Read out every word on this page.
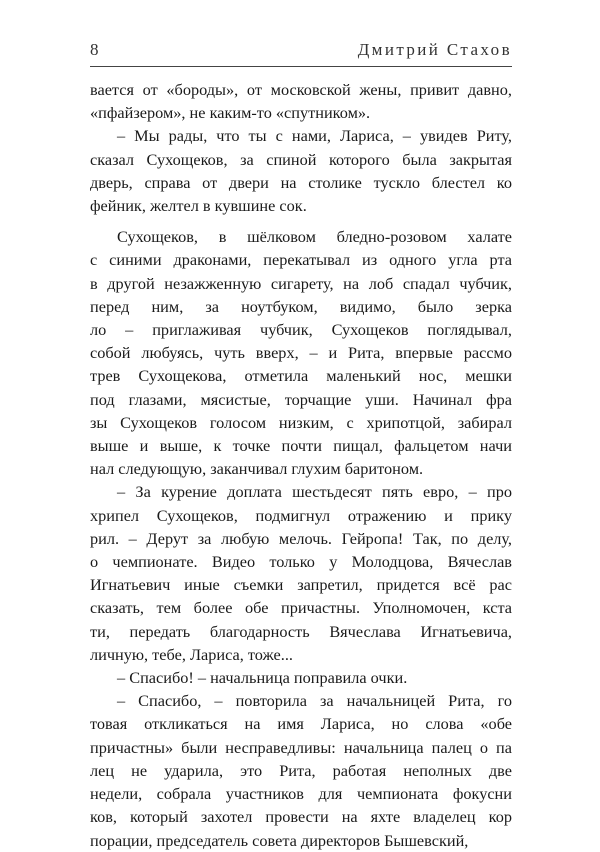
8	Дмитрий Стахов
вается от «бороды», от московской жены, привит давно,
«пфайзером», не каким-то «спутником».
– Мы рады, что ты с нами, Лариса, – увидев Риту,
сказал Сухощеков, за спиной которого была закрытая
дверь, справа от двери на столике тускло блестел ко
фейник, желтел в кувшине сок.
Сухощеков, в шёлковом бледно-розовом халате
с синими драконами, перекатывал из одного угла рта
в другой незажженную сигарету, на лоб спадал чубчик,
перед ним, за ноутбуком, видимо, было зерка
ло – приглаживая чубчик, Сухощеков поглядывал,
собой любуясь, чуть вверх, – и Рита, впервые рассмо
трев Сухощекова, отметила маленький нос, мешки
под глазами, мясистые, торчащие уши. Начинал фра
зы Сухощеков голосом низким, с хрипотцой, забирал
выше и выше, к точке почти пищал, фальцетом начи
нал следующую, заканчивал глухим баритоном.
– За курение доплата шестьдесят пять евро, – про
хрипел Сухощеков, подмигнул отражению и прику
рил. – Дерут за любую мелочь. Гейропа! Так, по делу,
о чемпионате. Видео только у Молодцова, Вячеслав
Игнатьевич иные съемки запретил, придется всё рас
сказать, тем более обе причастны. Уполномочен, кста
ти, передать благодарность Вячеслава Игнатьевича,
личную, тебе, Лариса, тоже...
– Спасибо! – начальница поправила очки.
– Спасибо, – повторила за начальницей Рита, го
товая откликаться на имя Лариса, но слова «обе
причастны» были несправедливы: начальница палец о па
лец не ударила, это Рита, работая неполных две
недели, собрала участников для чемпионата фокусни
ков, который захотел провести на яхте владелец кор
порации, председатель совета директоров Бышевский,
